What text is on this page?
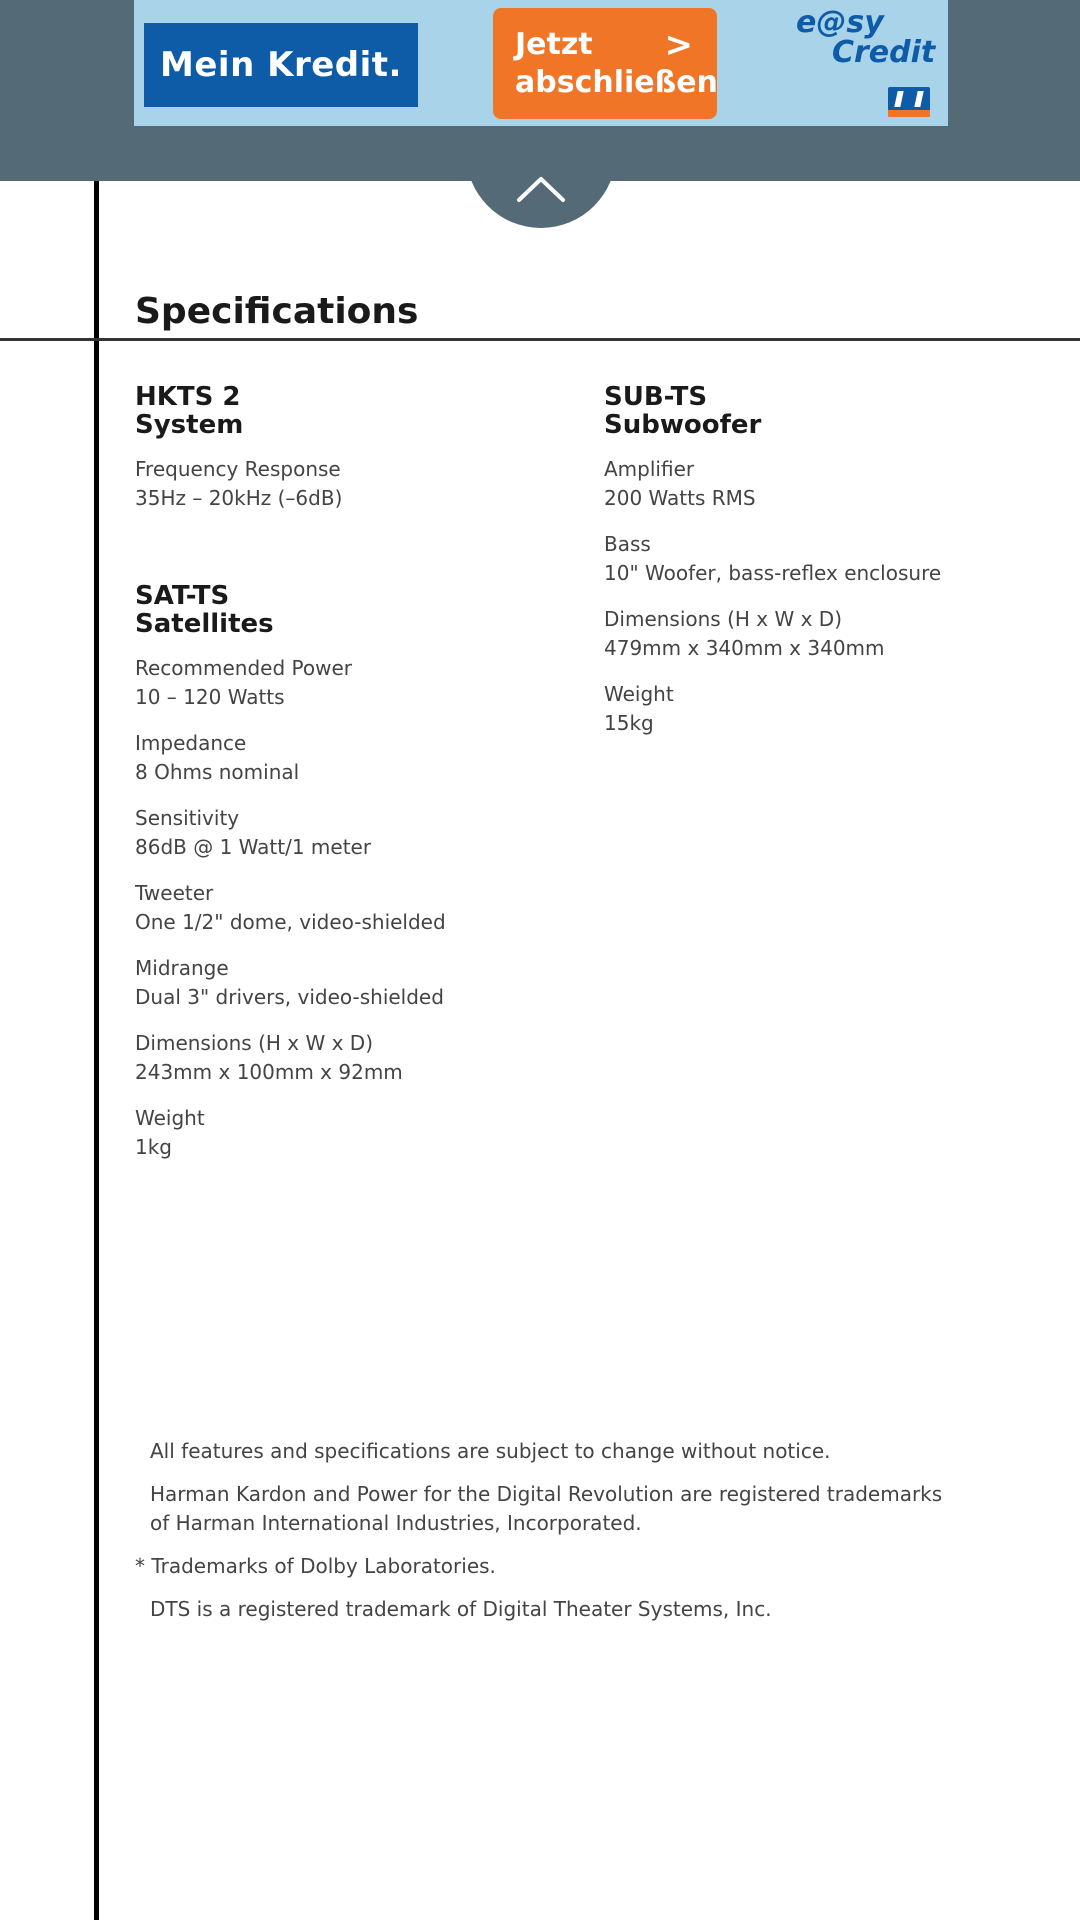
Mein Kredit.
Jetzt
abschließen
>
e@sy
Credit
Specifications
HKTS 2
System
Frequency Response
35Hz – 20kHz (–6dB)
SAT-TS
Satellites
Recommended Power
10 – 120 Watts
Impedance
8 Ohms nominal
Sensitivity
86dB @ 1 Watt/1 meter
Tweeter
One 1/2" dome, video-shielded
Midrange
Dual 3" drivers, video-shielded
Dimensions (H x W x D)
243mm x 100mm x 92mm
Weight
1kg
SUB-TS
Subwoofer
Amplifier
200 Watts RMS
Bass
10" Woofer, bass-reflex enclosure
Dimensions (H x W x D)
479mm x 340mm x 340mm
Weight
15kg

All features and specifications are subject to change without notice.

Harman Kardon and Power for the Digital Revolution are registered trademarks
of Harman International Industries, Incorporated.

* Trademarks of Dolby Laboratories.

DTS is a registered trademark of Digital Theater Systems, Inc.
